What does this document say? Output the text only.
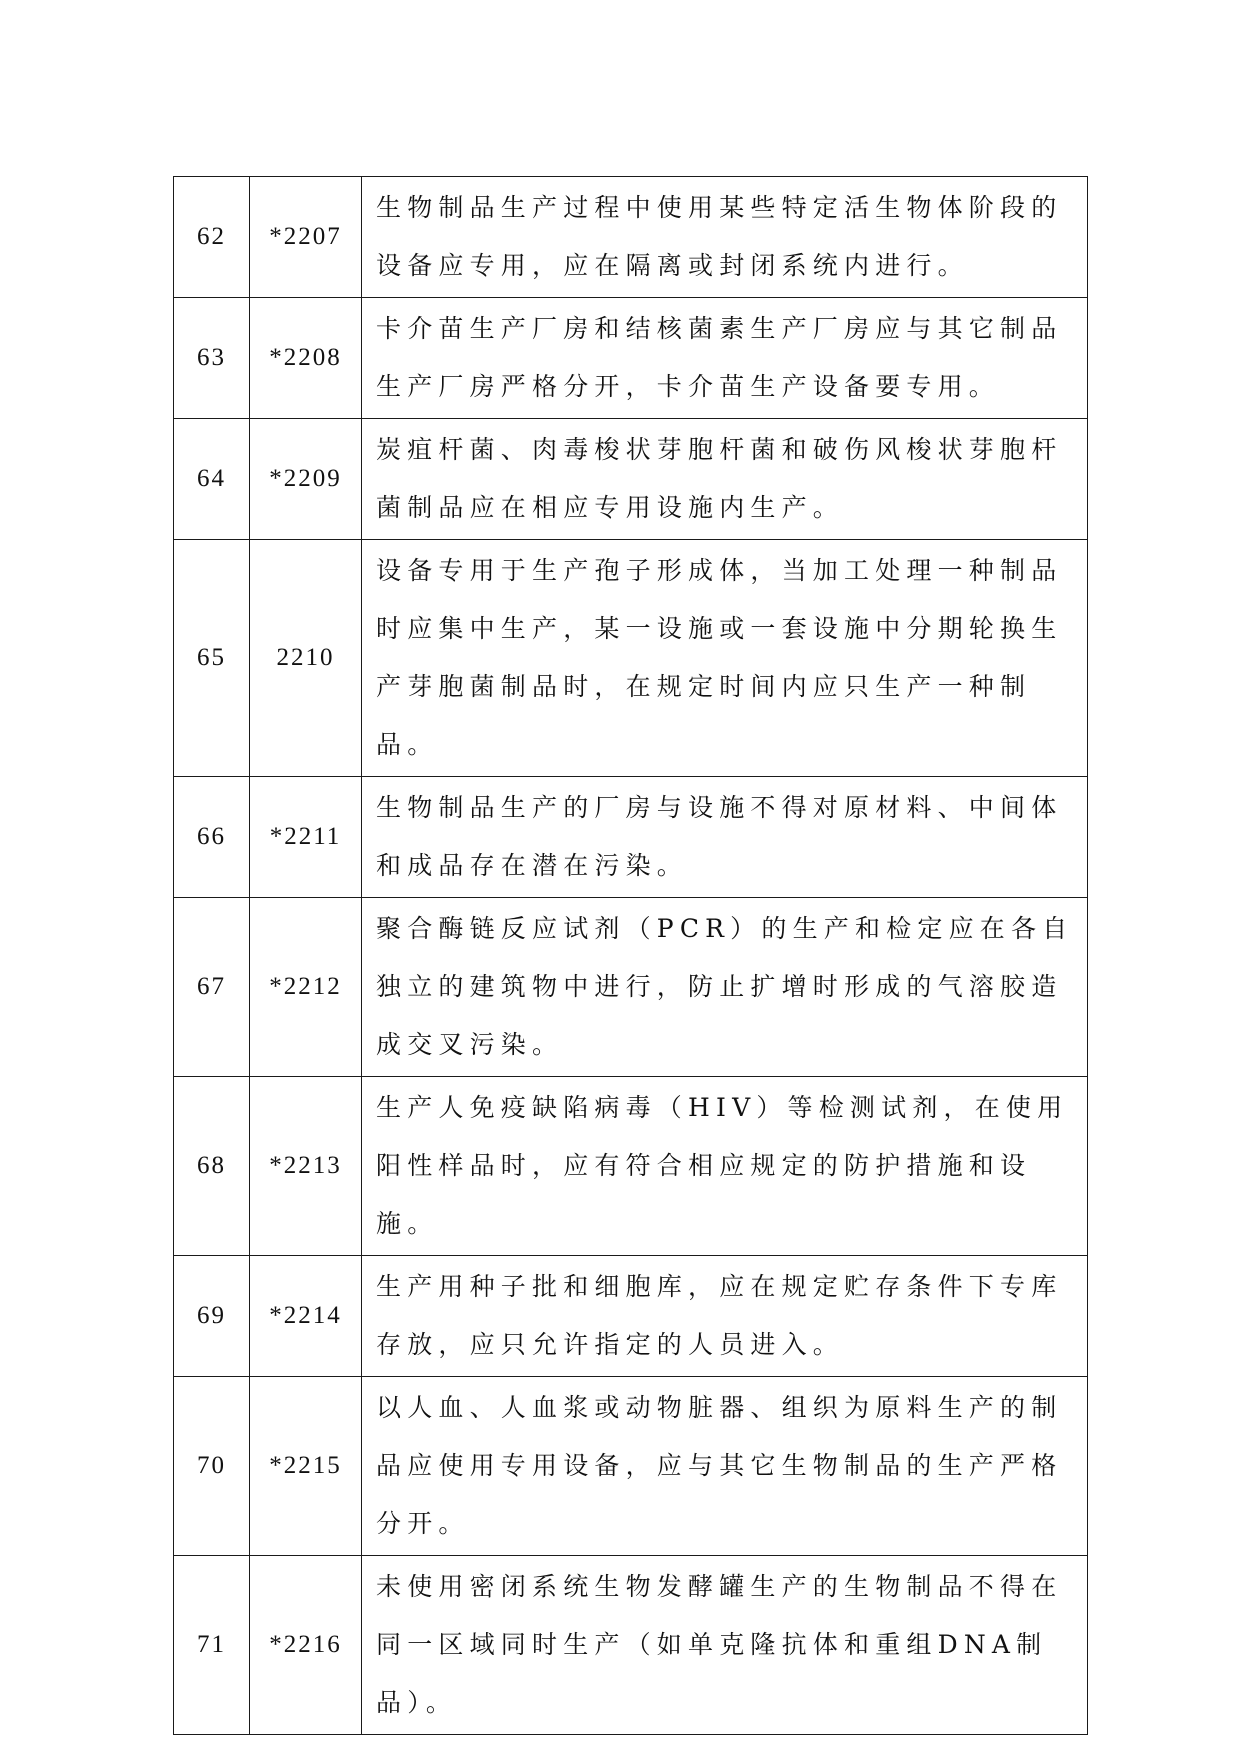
62	*2207	生物制品生产过程中使用某些特定活生物体阶段的设备应专用，应在隔离或封闭系统内进行。

63	*2208	卡介苗生产厂房和结核菌素生产厂房应与其它制品生产厂房严格分开，卡介苗生产设备要专用。

64	*2209	炭疽杆菌、肉毒梭状芽胞杆菌和破伤风梭状芽胞杆菌制品应在相应专用设施内生产。

65	2210	设备专用于生产孢子形成体，当加工处理一种制品时应集中生产，某一设施或一套设施中分期轮换生产芽胞菌制品时，在规定时间内应只生产一种制品。

66	*2211	生物制品生产的厂房与设施不得对原材料、中间体和成品存在潜在污染。

67	*2212	聚合酶链反应试剂（PCR）的生产和检定应在各自独立的建筑物中进行，防止扩增时形成的气溶胶造成交叉污染。

68	*2213	生产人免疫缺陷病毒（HIV）等检测试剂，在使用阳性样品时，应有符合相应规定的防护措施和设施。

69	*2214	生产用种子批和细胞库，应在规定贮存条件下专库存放，应只允许指定的人员进入。

70	*2215	以人血、人血浆或动物脏器、组织为原料生产的制品应使用专用设备，应与其它生物制品的生产严格分开。

71	*2216	未使用密闭系统生物发酵罐生产的生物制品不得在同一区域同时生产（如单克隆抗体和重组DNA制品）。
